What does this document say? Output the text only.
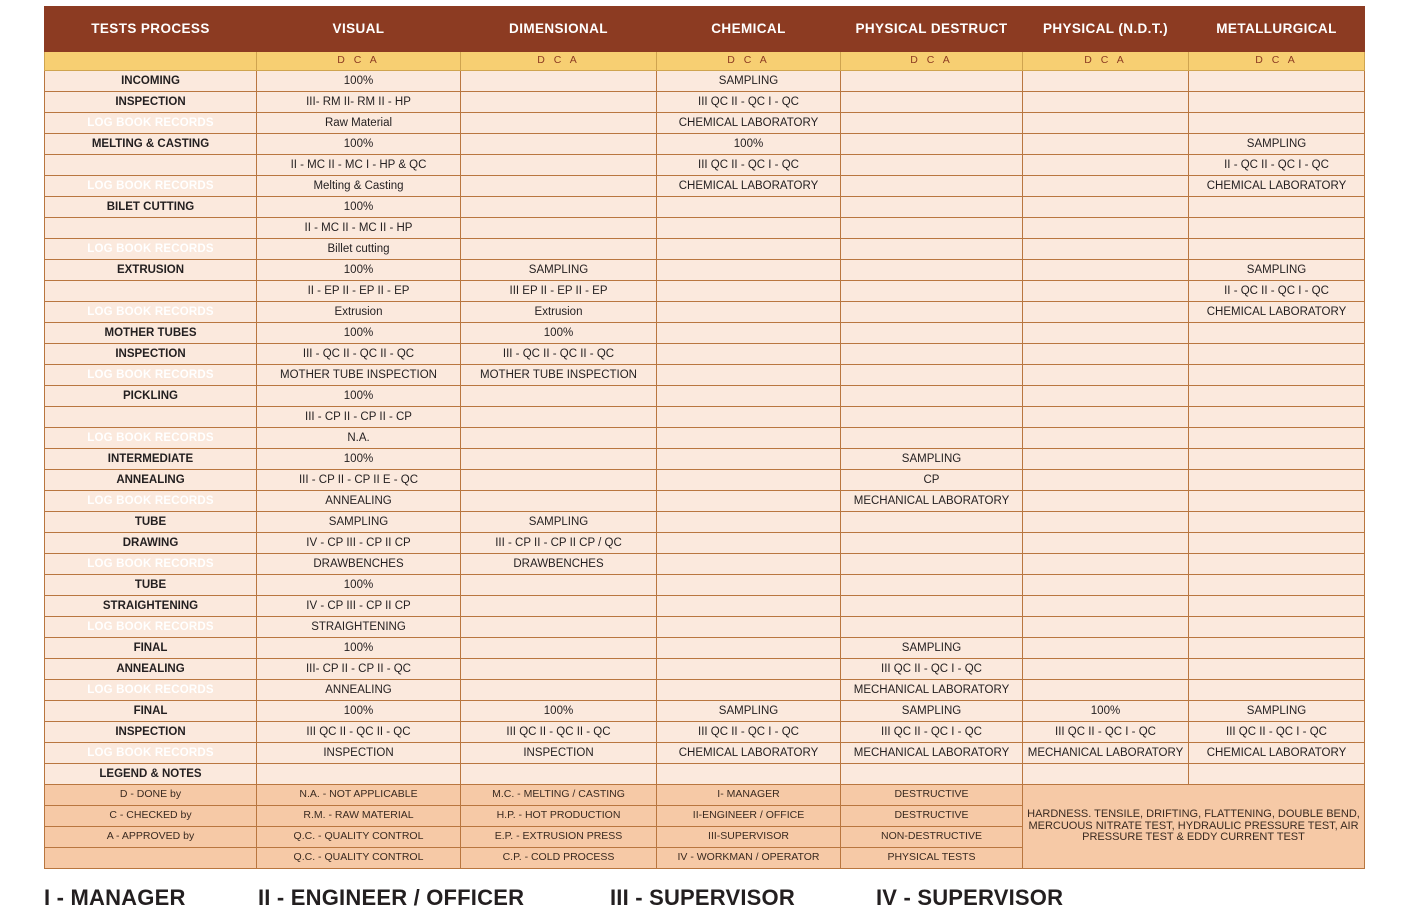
TESTS PROCESS	VISUAL	DIMENSIONAL	CHEMICAL	PHYSICAL DESTRUCT	PHYSICAL (N.D.T.)	METALLURGICAL
	D C A	D C A	D C A	D C A	D C A	D C A
INCOMING	100%		SAMPLING			
INSPECTION	III- RM II- RM II - HP		III QC II - QC I - QC			
LOG BOOK RECORDS	Raw Material		CHEMICAL LABORATORY			
MELTING & CASTING	100%		100%			SAMPLING
	II - MC II - MC I - HP & QC		III QC II - QC I - QC			II - QC II - QC I - QC
LOG BOOK RECORDS	Melting & Casting		CHEMICAL LABORATORY			CHEMICAL LABORATORY
BILET CUTTING	100%					
	II - MC II - MC II - HP					
LOG BOOK RECORDS	Billet cutting					
EXTRUSION	100%	SAMPLING				SAMPLING
	II - EP II - EP II - EP	III EP II - EP II - EP				II - QC II - QC I - QC
LOG BOOK RECORDS	Extrusion	Extrusion				CHEMICAL LABORATORY
MOTHER TUBES	100%	100%				
INSPECTION	III - QC II - QC II - QC	III - QC II - QC II - QC				
LOG BOOK RECORDS	MOTHER TUBE INSPECTION	MOTHER TUBE INSPECTION				
PICKLING	100%					
	III - CP II - CP II - CP					
LOG BOOK RECORDS	N.A.					
INTERMEDIATE	100%			SAMPLING		
ANNEALING	III - CP II - CP II E - QC			CP		
LOG BOOK RECORDS	ANNEALING			MECHANICAL LABORATORY		
TUBE	SAMPLING	SAMPLING				
DRAWING	IV - CP III - CP II CP	III - CP II - CP II CP / QC				
LOG BOOK RECORDS	DRAWBENCHES	DRAWBENCHES				
TUBE	100%					
STRAIGHTENING	IV - CP III - CP II CP					
LOG BOOK RECORDS	STRAIGHTENING					
FINAL	100%			SAMPLING		
ANNEALING	III- CP II - CP II - QC			III QC II - QC I - QC		
LOG BOOK RECORDS	ANNEALING			MECHANICAL LABORATORY		
FINAL	100%	100%	SAMPLING	SAMPLING	100%	SAMPLING
INSPECTION	III QC II - QC II - QC	III QC II - QC II - QC	III QC II - QC I - QC	III QC II - QC I - QC	III QC II - QC I - QC	III QC II - QC I - QC
LOG BOOK RECORDS	INSPECTION	INSPECTION	CHEMICAL LABORATORY	MECHANICAL LABORATORY	MECHANICAL LABORATORY	CHEMICAL LABORATORY
LEGEND & NOTES						
D - DONE by	N.A. - NOT APPLICABLE	M.C. - MELTING / CASTING	I- MANAGER	DESTRUCTIVE	HARDNESS. TENSILE, DRIFTING, FLATTENING, DOUBLE BEND, MERCUOUS NITRATE TEST, HYDRAULIC PRESSURE TEST, AIR PRESSURE TEST & EDDY CURRENT TEST	
C - CHECKED by	R.M. - RAW MATERIAL	H.P. - HOT PRODUCTION	II-ENGINEER / OFFICE	DESTRUCTIVE		
A - APPROVED by	Q.C. - QUALITY CONTROL	E.P. - EXTRUSION PRESS	III-SUPERVISOR	NON-DESTRUCTIVE		
	Q.C. - QUALITY CONTROL	C.P. - COLD PROCESS	IV - WORKMAN / OPERATOR	PHYSICAL TESTS		
I - MANAGER	II - ENGINEER / OFFICER	III - SUPERVISOR	IV - SUPERVISOR
